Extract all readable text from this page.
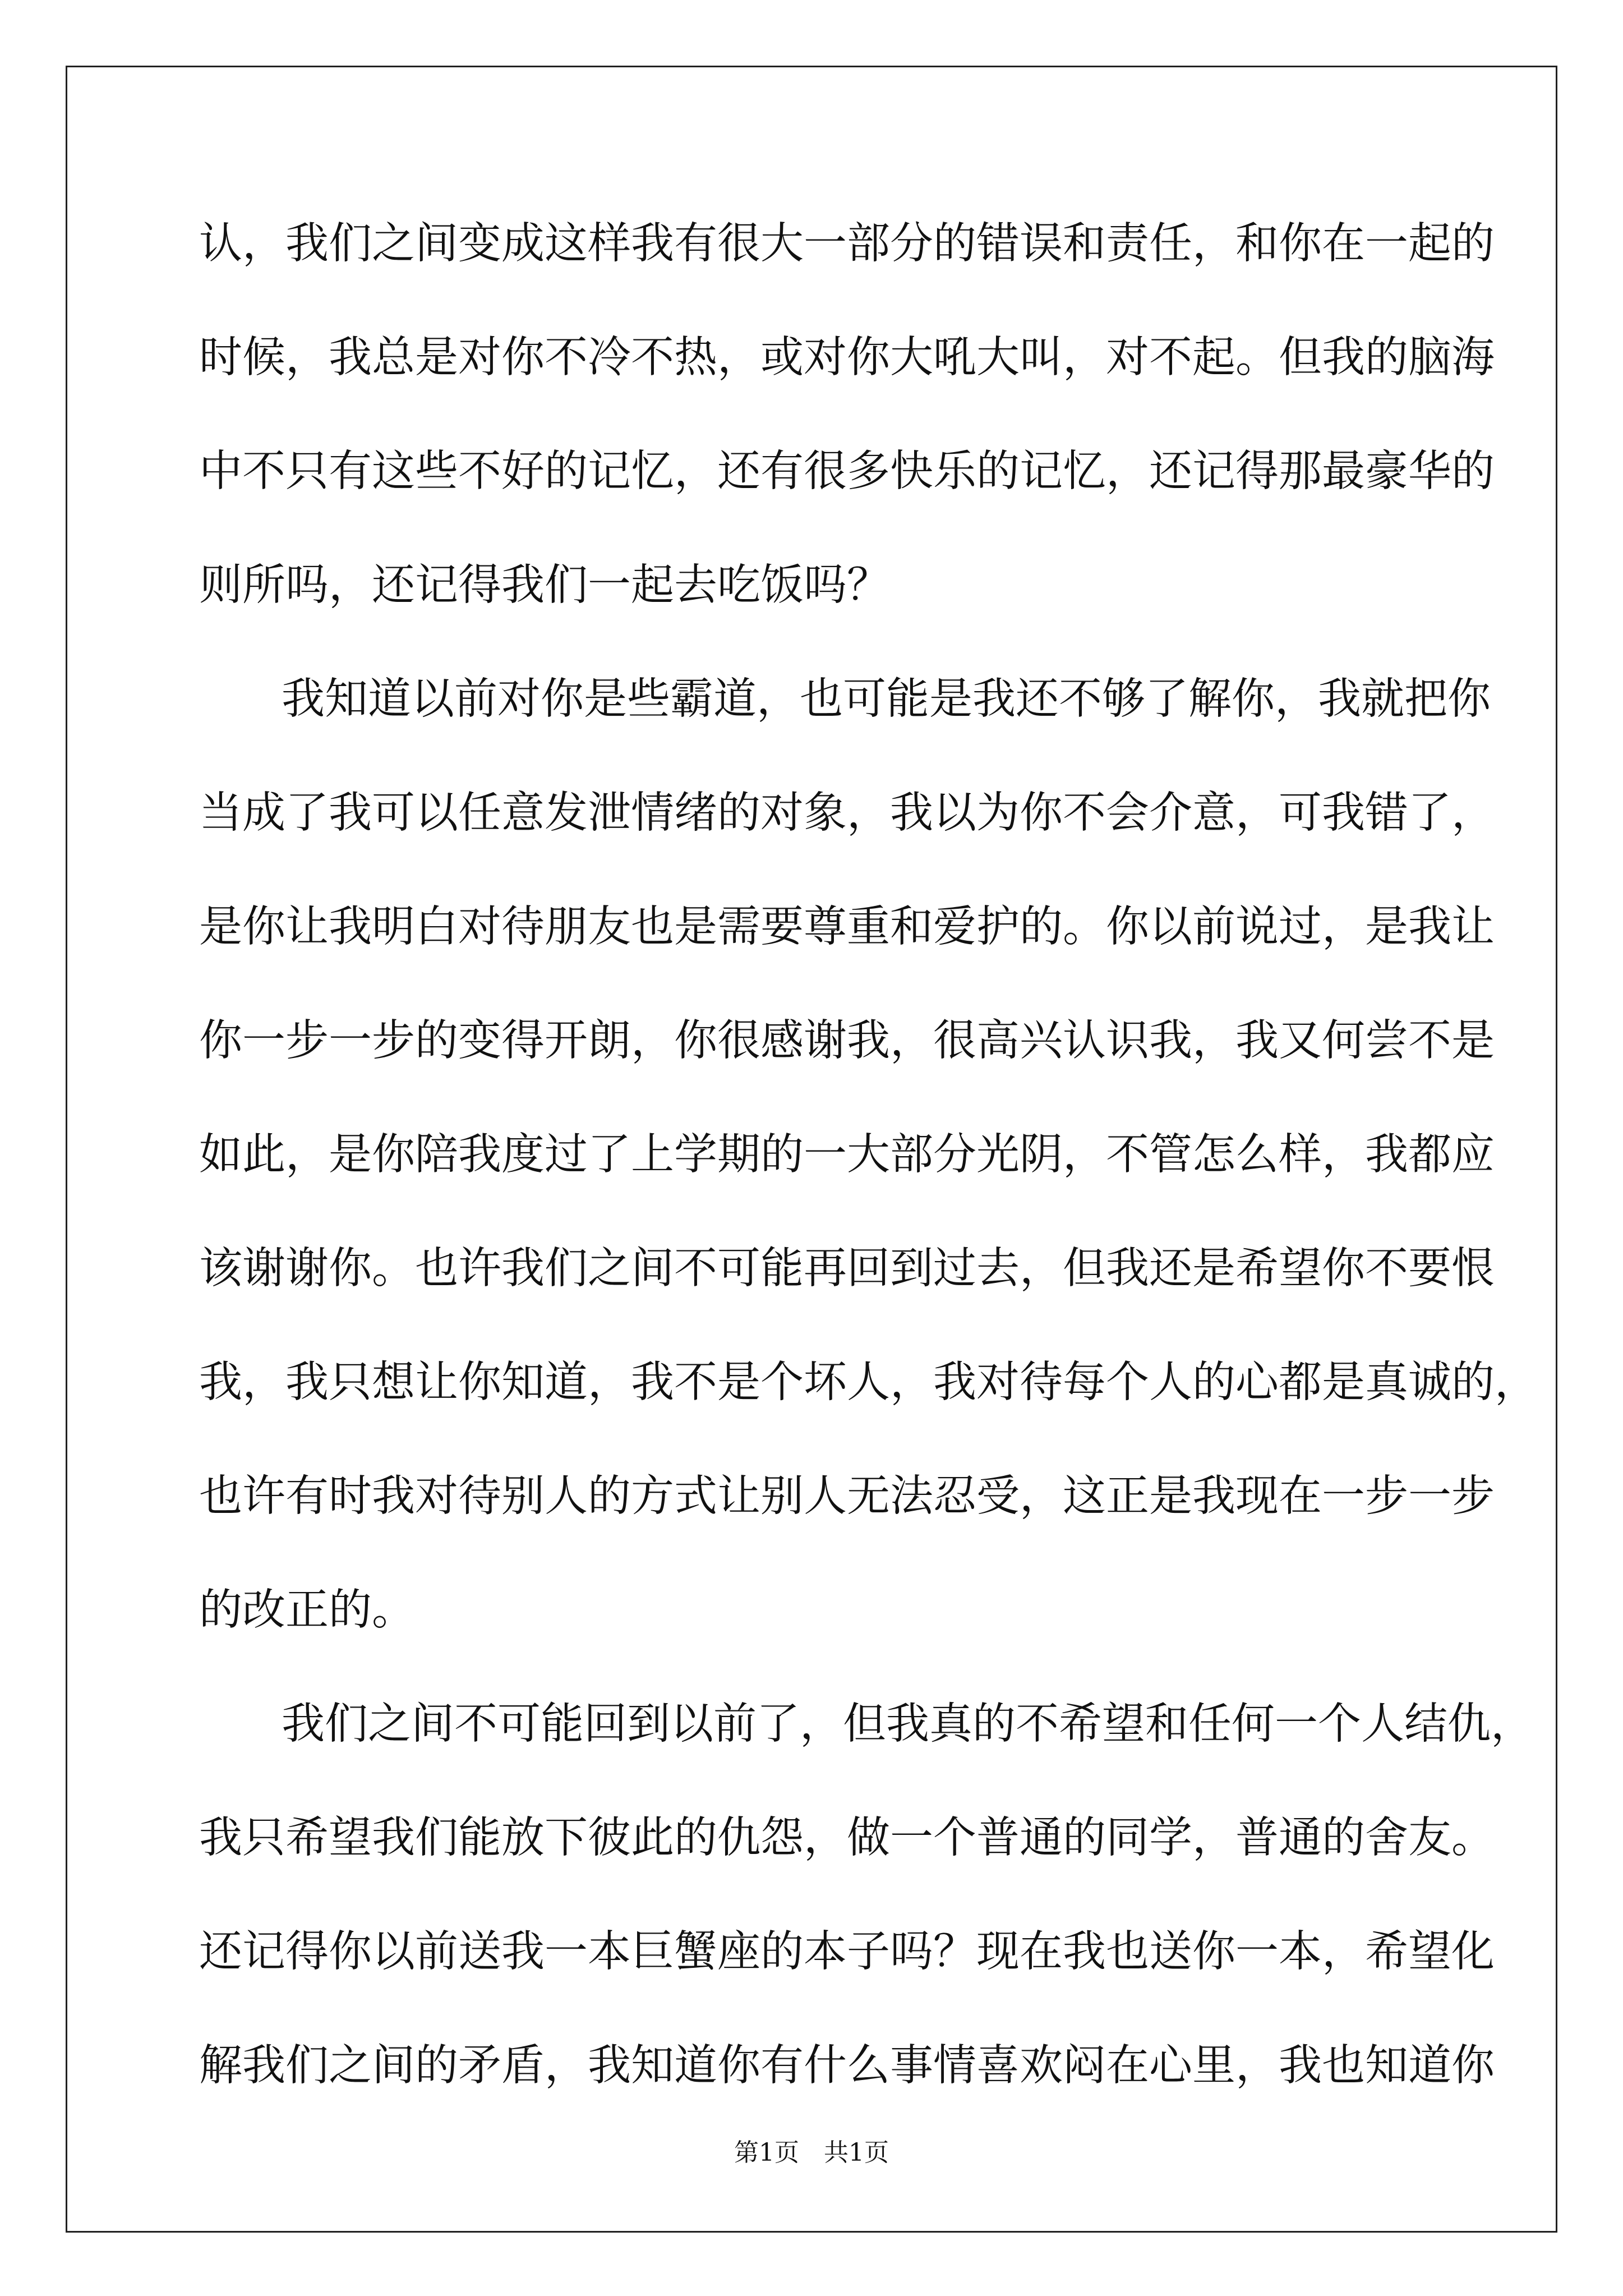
认，我们之间变成这样我有很大一部分的错误和责任，和你在一起的
时候，我总是对你不冷不热，或对你大吼大叫，对不起。但我的脑海
中不只有这些不好的记忆，还有很多快乐的记忆，还记得那最豪华的
则所吗，还记得我们一起去吃饭吗？
我知道以前对你是些霸道，也可能是我还不够了解你，我就把你
当成了我可以任意发泄情绪的对象，我以为你不会介意，可我错了，
是你让我明白对待朋友也是需要尊重和爱护的。你以前说过，是我让
你一步一步的变得开朗，你很感谢我，很高兴认识我，我又何尝不是
如此，是你陪我度过了上学期的一大部分光阴，不管怎么样，我都应
该谢谢你。也许我们之间不可能再回到过去，但我还是希望你不要恨
我，我只想让你知道，我不是个坏人，我对待每个人的心都是真诚的，
也许有时我对待别人的方式让别人无法忍受，这正是我现在一步一步
的改正的。
我们之间不可能回到以前了，但我真的不希望和任何一个人结仇，
我只希望我们能放下彼此的仇怨，做一个普通的同学，普通的舍友。
还记得你以前送我一本巨蟹座的本子吗？现在我也送你一本，希望化
解我们之间的矛盾，我知道你有什么事情喜欢闷在心里，我也知道你
第1页　共1页
